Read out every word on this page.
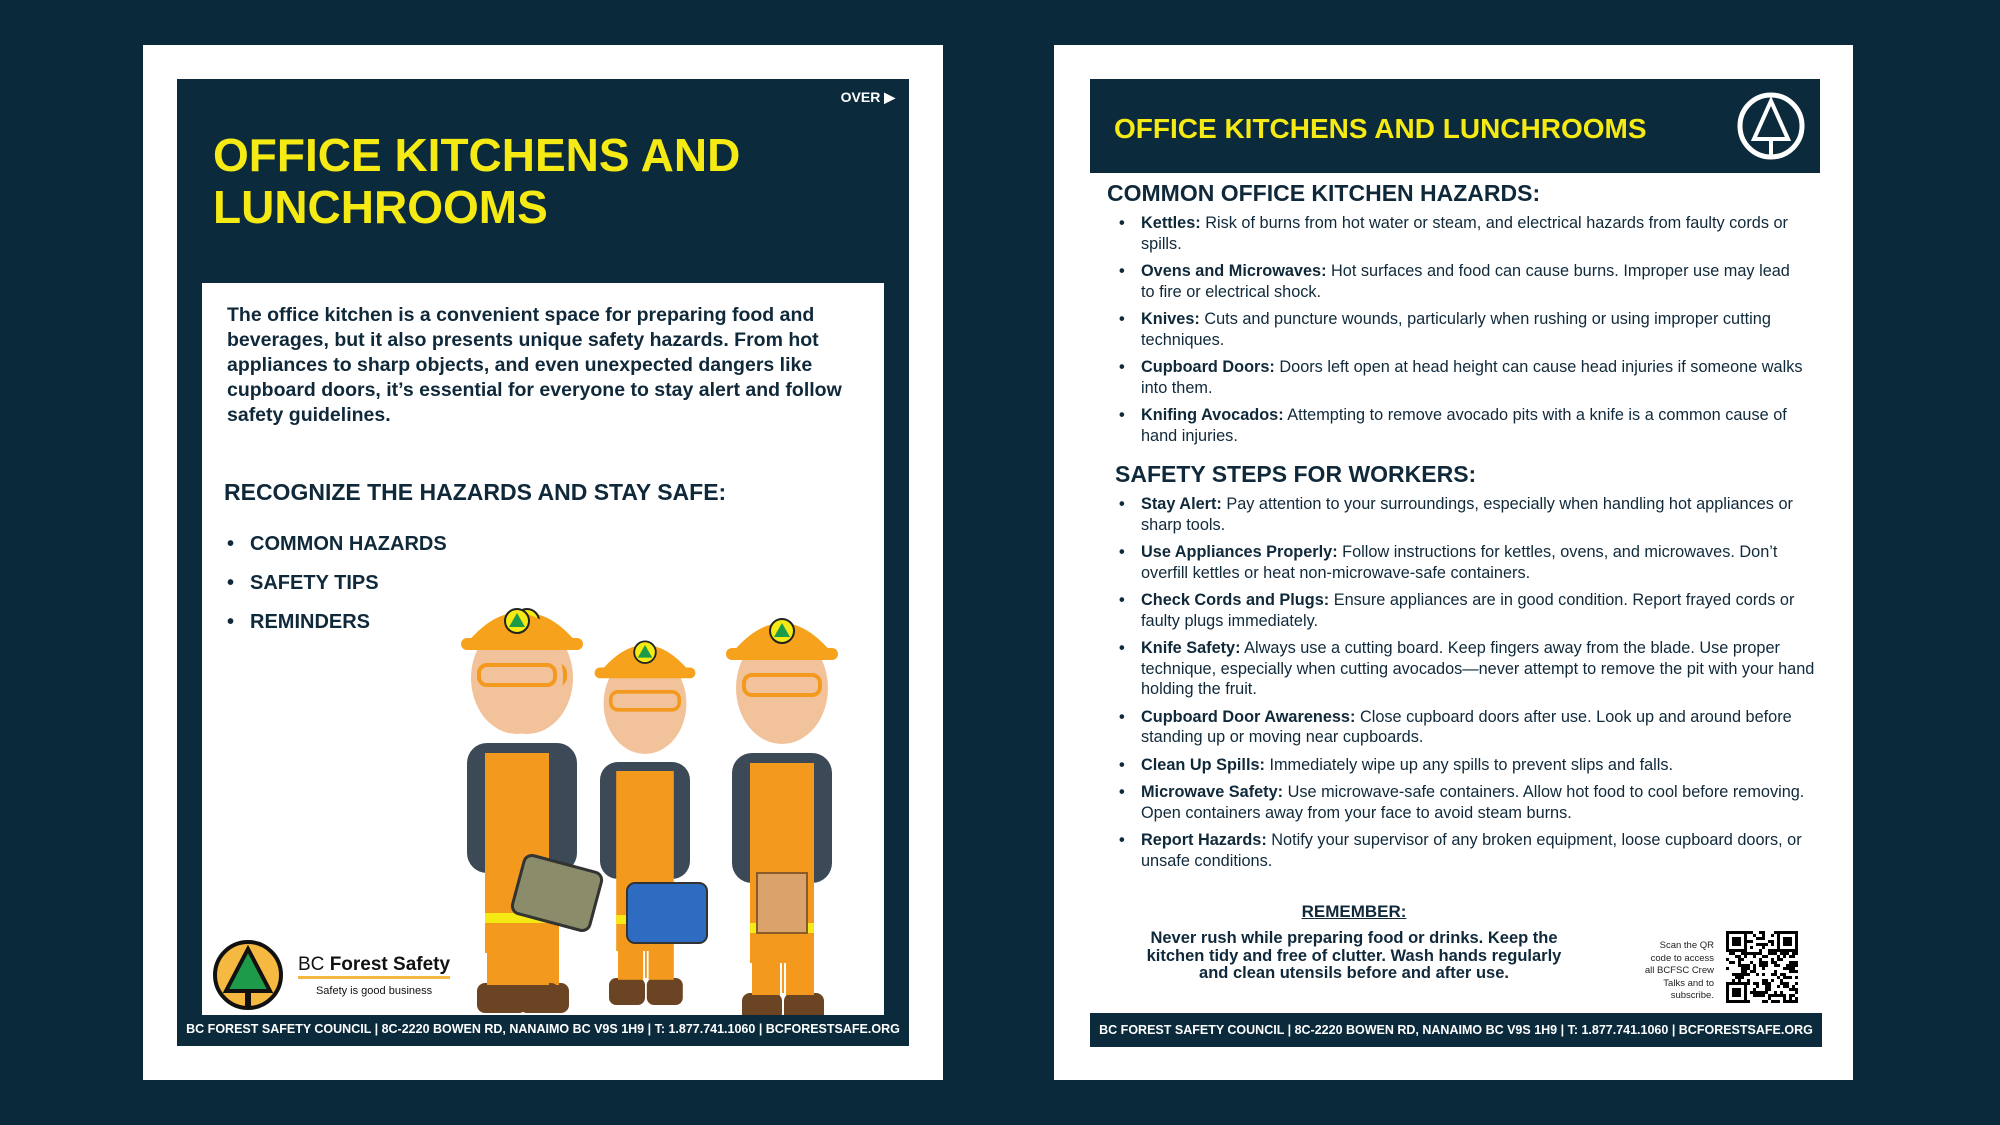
OVER ▶
OFFICE KITCHENS AND LUNCHROOMS
The office kitchen is a convenient space for preparing food and beverages, but it also presents unique safety hazards. From hot appliances to sharp objects, and even unexpected dangers like cupboard doors, it’s essential for everyone to stay alert and follow safety guidelines.
RECOGNIZE THE HAZARDS AND STAY SAFE:
• COMMON HAZARDS
• SAFETY TIPS
• REMINDERS
BC Forest Safety
Safety is good business
BC FOREST SAFETY COUNCIL | 8C-2220 BOWEN RD, NANAIMO BC V9S 1H9 | T: 1.877.741.1060 | BCFORESTSAFE.ORG
OFFICE KITCHENS AND LUNCHROOMS
COMMON OFFICE KITCHEN HAZARDS:
• Kettles: Risk of burns from hot water or steam, and electrical hazards from faulty cords or spills.
• Ovens and Microwaves: Hot surfaces and food can cause burns. Improper use may lead to fire or electrical shock.
• Knives: Cuts and puncture wounds, particularly when rushing or using improper cutting techniques.
• Cupboard Doors: Doors left open at head height can cause head injuries if someone walks into them.
• Knifing Avocados: Attempting to remove avocado pits with a knife is a common cause of hand injuries.
SAFETY STEPS FOR WORKERS:
• Stay Alert: Pay attention to your surroundings, especially when handling hot appliances or sharp tools.
• Use Appliances Properly: Follow instructions for kettles, ovens, and microwaves. Don’t overfill kettles or heat non-microwave-safe containers.
• Check Cords and Plugs: Ensure appliances are in good condition. Report frayed cords or faulty plugs immediately.
• Knife Safety: Always use a cutting board. Keep fingers away from the blade. Use proper technique, especially when cutting avocados—never attempt to remove the pit with your hand holding the fruit.
• Cupboard Door Awareness: Close cupboard doors after use. Look up and around before standing up or moving near cupboards.
• Clean Up Spills: Immediately wipe up any spills to prevent slips and falls.
• Microwave Safety: Use microwave-safe containers. Allow hot food to cool before removing. Open containers away from your face to avoid steam burns.
• Report Hazards: Notify your supervisor of any broken equipment, loose cupboard doors, or unsafe conditions.
REMEMBER:
Never rush while preparing food or drinks. Keep the kitchen tidy and free of clutter. Wash hands regularly and clean utensils before and after use.
Scan the QR code to access all BCFSC Crew Talks and to subscribe.
BC FOREST SAFETY COUNCIL | 8C-2220 BOWEN RD, NANAIMO BC V9S 1H9 | T: 1.877.741.1060 | BCFORESTSAFE.ORG
